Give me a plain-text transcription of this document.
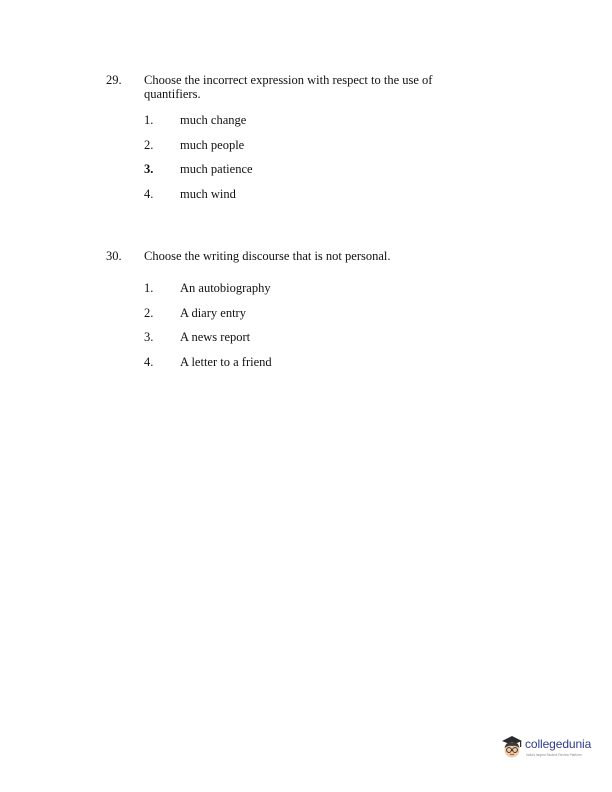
29. Choose the incorrect expression with respect to the use of quantifiers.
1. much change
2. much people
3. much patience
4. much wind
30. Choose the writing discourse that is not personal.
1. An autobiography
2. A diary entry
3. A news report
4. A letter to a friend
collegedunia
India's largest Student Review Platform
